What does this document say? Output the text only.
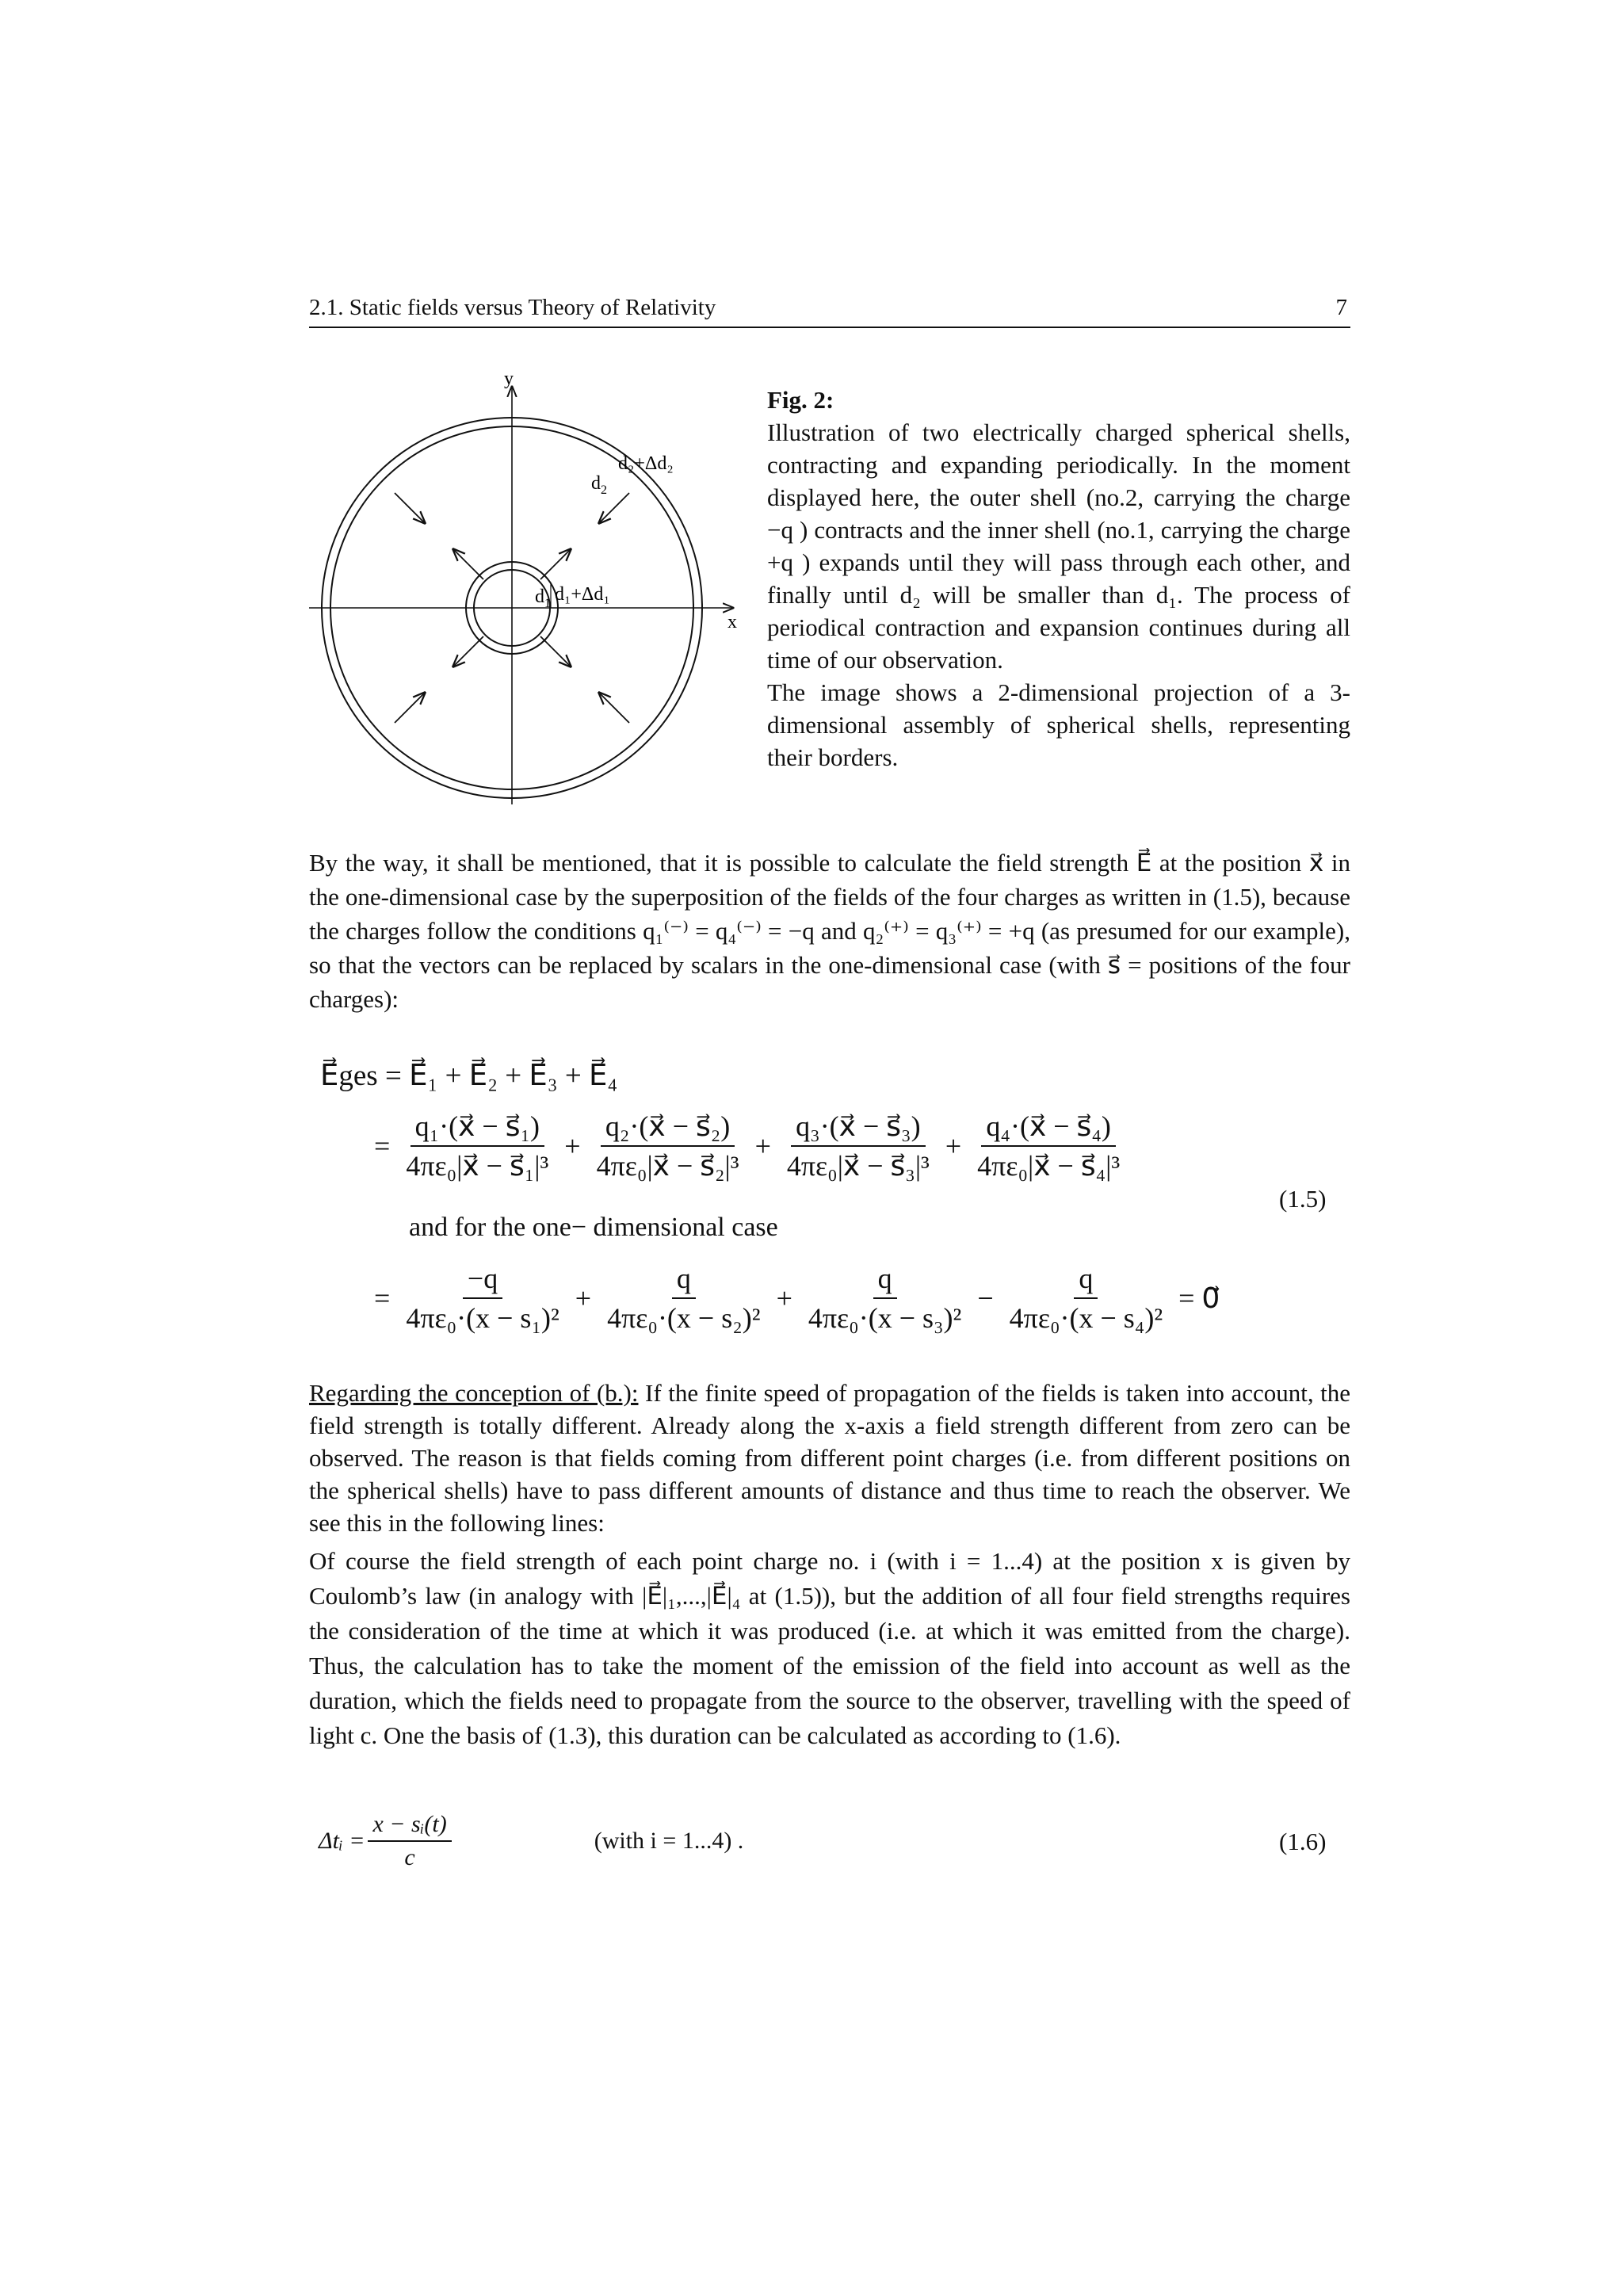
2.1. Static fields versus Theory of Relativity	7
y
x
$d_2$
d₂+Δd₂
$d_1$ d₁+Δd₁
Fig. 2:
Illustration of two electrically charged spherical shells, contracting and expanding periodically. In the moment displayed here, the outer shell (no.2, carrying the charge −q ) contracts and the inner shell (no.1, carrying the charge +q ) expands until they will pass through each other, and finally until d₂ will be smaller than d₁. The process of periodical contraction and expansion continues during all time of our observation.
The image shows a 2-dimensional projection of a 3-dimensional assembly of spherical shells, representing their borders.
By the way, it shall be mentioned, that it is possible to calculate the field strength E⃗ at the position x⃗ in the one-dimensional case by the superposition of the fields of the four charges as written in (1.5), because the charges follow the conditions q₁⁽⁻⁾ = q₄⁽⁻⁾ = −q and q₂⁽⁺⁾ = q₃⁽⁺⁾ = +q (as presumed for our example), so that the vectors can be replaced by scalars in the one-dimensional case (with s⃗ = positions of the four charges):
E⃗ges = E⃗₁ + E⃗₂ + E⃗₃ + E⃗₄
= $\frac{\text{q₁·(x⃗ − s⃗₁)}}{\text{4πε₀|x⃗ − s⃗₁|³}} + \frac{\text{q₂·(x⃗ − s⃗₂)}}{\text{4πε₀|x⃗ − s⃗₂|³}} + \frac{\text{q₃·(x⃗ − s⃗₃)}}{\text{4πε₀|x⃗ − s⃗₃|³}} + \frac{\text{q₄·(x⃗ − s⃗₄)}}{\text{4πε₀|x⃗ − s⃗₄|³}}$
(1.5)
and for the one− dimensional case
= $\frac{-q}{\text{4πε₀·(x − s₁)²}} + \frac{q}{\text{4πε₀·(x − s₂)²}} + \frac{q}{\text{4πε₀·(x − s₃)²}} - \frac{q}{\text{4πε₀·(x − s₄)²}}$ = 0⃗
Regarding the conception of (b.): If the finite speed of propagation of the fields is taken into account, the field strength is totally different. Already along the x-axis a field strength different from zero can be observed. The reason is that fields coming from different point charges (i.e. from different positions on the spherical shells) have to pass different amounts of distance and thus time to reach the observer. We see this in the following lines:
Of course the field strength of each point charge no. i (with i = 1...4) at the position x is given by Coulomb’s law (in analogy with |E⃗|₁,...,|E⃗|₄ at (1.5)), but the addition of all four field strengths requires the consideration of the time at which it was produced (i.e. at which it was emitted from the charge). Thus, the calculation has to take the moment of the emission of the field into account as well as the duration, which the fields need to propagate from the source to the observer, travelling with the speed of light c. One the basis of (1.3), this duration can be calculated as according to (1.6).
Δtᵢ = $\frac{\text{x − sᵢ(t)}}{c}$	(with i = 1...4) .	(1.6)
